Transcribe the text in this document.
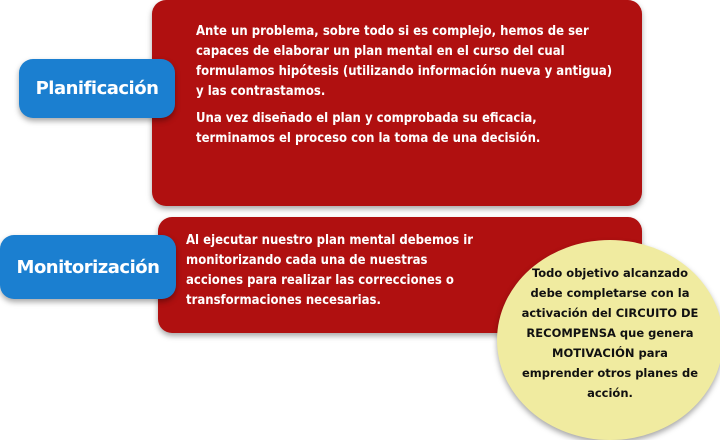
Ante un problema, sobre todo si es complejo, hemos de ser capaces de elaborar un plan mental en el curso del cual formulamos hipótesis (utilizando información nueva y antigua) y las contrastamos.

Una vez diseñado el plan y comprobada su eficacia, terminamos el proceso con la toma de una decisión.

Planificación

Al ejecutar nuestro plan mental debemos ir monitorizando cada una de nuestras acciones para realizar las correcciones o transformaciones necesarias.

Monitorización	Todo objetivo alcanzado debe completarse con la activación del CIRCUITO DE RECOMPENSA que genera MOTIVACIÓN para emprender otros planes de acción.
